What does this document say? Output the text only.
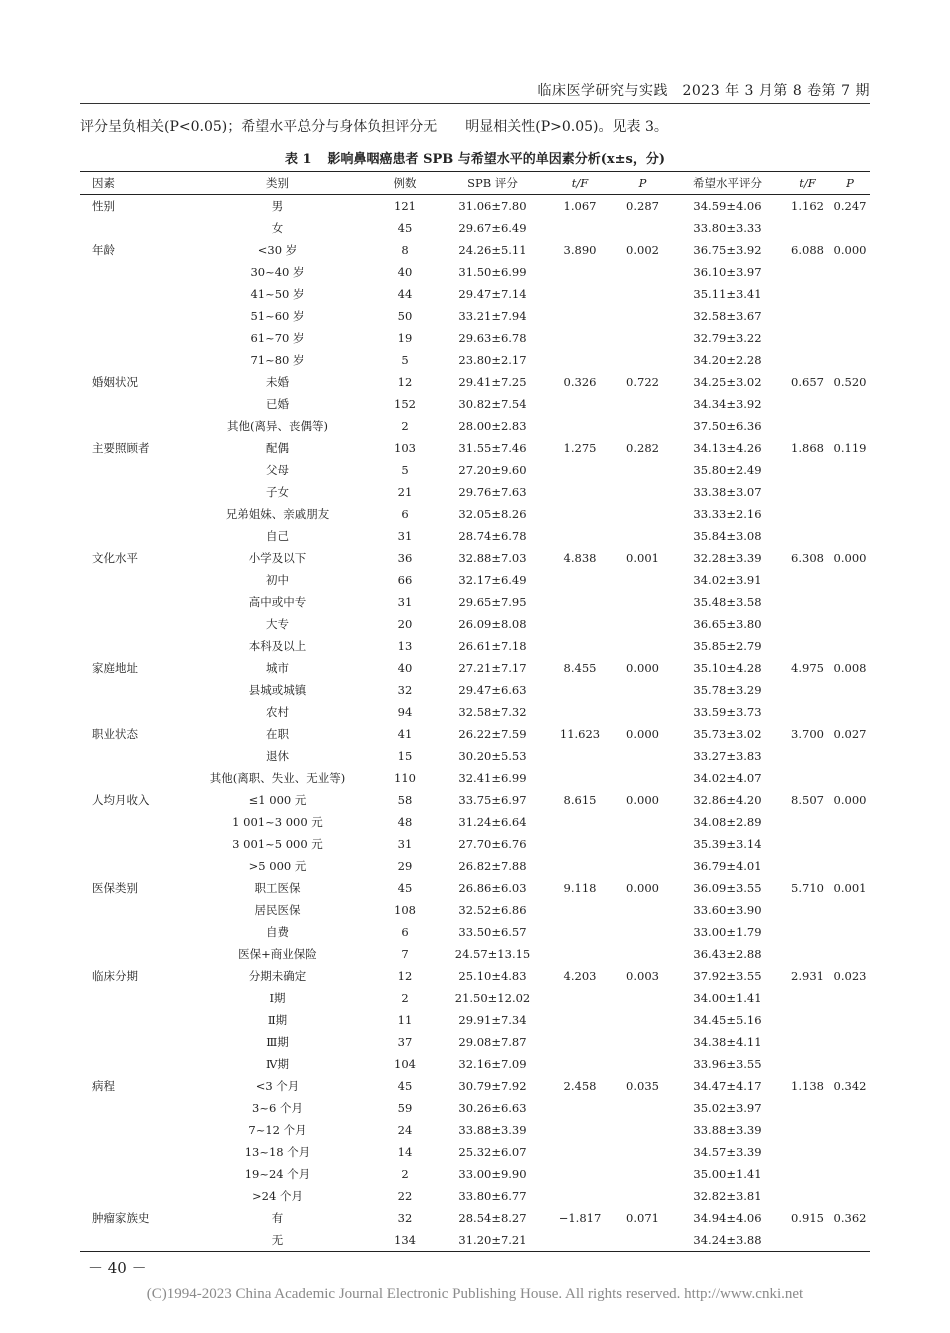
临床医学研究与实践　2023 年 3 月第 8 卷第 7 期
评分呈负相关(P<0.05)；希望水平总分与身体负担评分无 明显相关性(P>0.05)。见表 3。
表 1 影响鼻咽癌患者 SPB 与希望水平的单因素分析(x±s，分)
因素	类别	例数	SPB 评分	t/F	P	希望水平评分	t/F	P
性别	男	121	31.06±7.80	1.067	0.287	34.59±4.06	1.162	0.247
	女	45	29.67±6.49			33.80±3.33		
年龄	<30 岁	8	24.26±5.11	3.890	0.002	36.75±3.92	6.088	0.000
	30~40 岁	40	31.50±6.99			36.10±3.97		
	41~50 岁	44	29.47±7.14			35.11±3.41		
	51~60 岁	50	33.21±7.94			32.58±3.67		
	61~70 岁	19	29.63±6.78			32.79±3.22		
	71~80 岁	5	23.80±2.17			34.20±2.28		
婚姻状况	未婚	12	29.41±7.25	0.326	0.722	34.25±3.02	0.657	0.520
	已婚	152	30.82±7.54			34.34±3.92		
	其他(离异、丧偶等)	2	28.00±2.83			37.50±6.36		
主要照顾者	配偶	103	31.55±7.46	1.275	0.282	34.13±4.26	1.868	0.119
	父母	5	27.20±9.60			35.80±2.49		
	子女	21	29.76±7.63			33.38±3.07		
	兄弟姐妹、亲戚朋友	6	32.05±8.26			33.33±2.16		
	自己	31	28.74±6.78			35.84±3.08		
文化水平	小学及以下	36	32.88±7.03	4.838	0.001	32.28±3.39	6.308	0.000
	初中	66	32.17±6.49			34.02±3.91		
	高中或中专	31	29.65±7.95			35.48±3.58		
	大专	20	26.09±8.08			36.65±3.80		
	本科及以上	13	26.61±7.18			35.85±2.79		
家庭地址	城市	40	27.21±7.17	8.455	0.000	35.10±4.28	4.975	0.008
	县城或城镇	32	29.47±6.63			35.78±3.29		
	农村	94	32.58±7.32			33.59±3.73		
职业状态	在职	41	26.22±7.59	11.623	0.000	35.73±3.02	3.700	0.027
	退休	15	30.20±5.53			33.27±3.83		
	其他(离职、失业、无业等)	110	32.41±6.99			34.02±4.07		
人均月收入	≤1 000 元	58	33.75±6.97	8.615	0.000	32.86±4.20	8.507	0.000
	1 001~3 000 元	48	31.24±6.64			34.08±2.89		
	3 001~5 000 元	31	27.70±6.76			35.39±3.14		
	>5 000 元	29	26.82±7.88			36.79±4.01		
医保类别	职工医保	45	26.86±6.03	9.118	0.000	36.09±3.55	5.710	0.001
	居民医保	108	32.52±6.86			33.60±3.90		
	自费	6	33.50±6.57			33.00±1.79		
	医保+商业保险	7	24.57±13.15			36.43±2.88		
临床分期	分期未确定	12	25.10±4.83	4.203	0.003	37.92±3.55	2.931	0.023
	Ⅰ期	2	21.50±12.02			34.00±1.41		
	Ⅱ期	11	29.91±7.34			34.45±5.16		
	Ⅲ期	37	29.08±7.87			34.38±4.11		
	Ⅳ期	104	32.16±7.09			33.96±3.55		
病程	<3 个月	45	30.79±7.92	2.458	0.035	34.47±4.17	1.138	0.342
	3~6 个月	59	30.26±6.63			35.02±3.97		
	7~12 个月	24	33.88±3.39			33.88±3.39		
	13~18 个月	14	25.32±6.07			34.57±3.39		
	19~24 个月	2	33.00±9.90			35.00±1.41		
	>24 个月	22	33.80±6.77			32.82±3.81		
肿瘤家族史	有	32	28.54±8.27	−1.817	0.071	34.94±4.06	0.915	0.362
	无	134	31.20±7.21			34.24±3.88		
－ 40 －
(C)1994-2023 China Academic Journal Electronic Publishing House. All rights reserved. http://www.cnki.net
